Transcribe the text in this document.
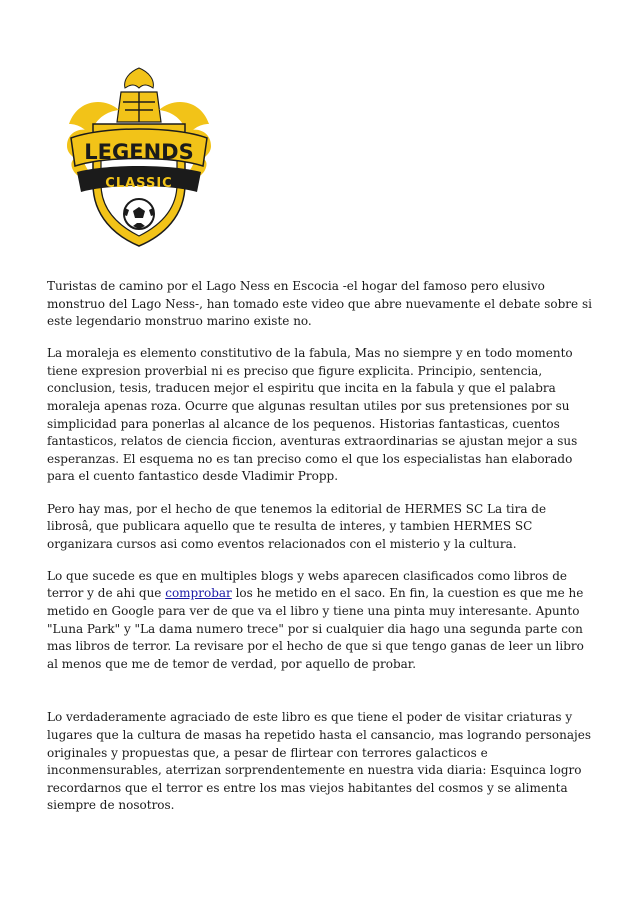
LEGENDS
CLASSIC

Turistas de camino por el Lago Ness en Escocia -el hogar del famoso pero elusivo monstruo del Lago Ness-, han tomado este video que abre nuevamente el debate sobre si este legendario monstruo marino existe no.

La moraleja es elemento constitutivo de la fabula, Mas no siempre y en todo momento tiene expresion proverbial ni es preciso que figure explicita. Principio, sentencia, conclusion, tesis, traducen mejor el espiritu que incita en la fabula y que el palabra moraleja apenas roza. Ocurre que algunas resultan utiles por sus pretensiones por su simplicidad para ponerlas al alcance de los pequenos. Historias fantasticas, cuentos fantasticos, relatos de ciencia ficcion, aventuras extraordinarias se ajustan mejor a sus esperanzas. El esquema no es tan preciso como el que los especialistas han elaborado para el cuento fantastico desde Vladimir Propp.

Pero hay mas, por el hecho de que tenemos la editorial de HERMES SC La tira de librosâ, que publicara aquello que te resulta de interes, y tambien HERMES SC organizara cursos asi como eventos relacionados con el misterio y la cultura.

Lo que sucede es que en multiples blogs y webs aparecen clasificados como libros de terror y de ahi que comprobar los he metido en el saco. En fin, la cuestion es que me he metido en Google para ver de que va el libro y tiene una pinta muy interesante. Apunto "Luna Park" y "La dama numero trece" por si cualquier dia hago una segunda parte con mas libros de terror. La revisare por el hecho de que si que tengo ganas de leer un libro al menos que me de temor de verdad, por aquello de probar.

Lo verdaderamente agraciado de este libro es que tiene el poder de visitar criaturas y lugares que la cultura de masas ha repetido hasta el cansancio, mas logrando personajes originales y propuestas que, a pesar de flirtear con terrores galacticos e inconmensurables, aterrizan sorprendentemente en nuestra vida diaria: Esquinca logro recordarnos que el terror es entre los mas viejos habitantes del cosmos y se alimenta siempre de nosotros.
